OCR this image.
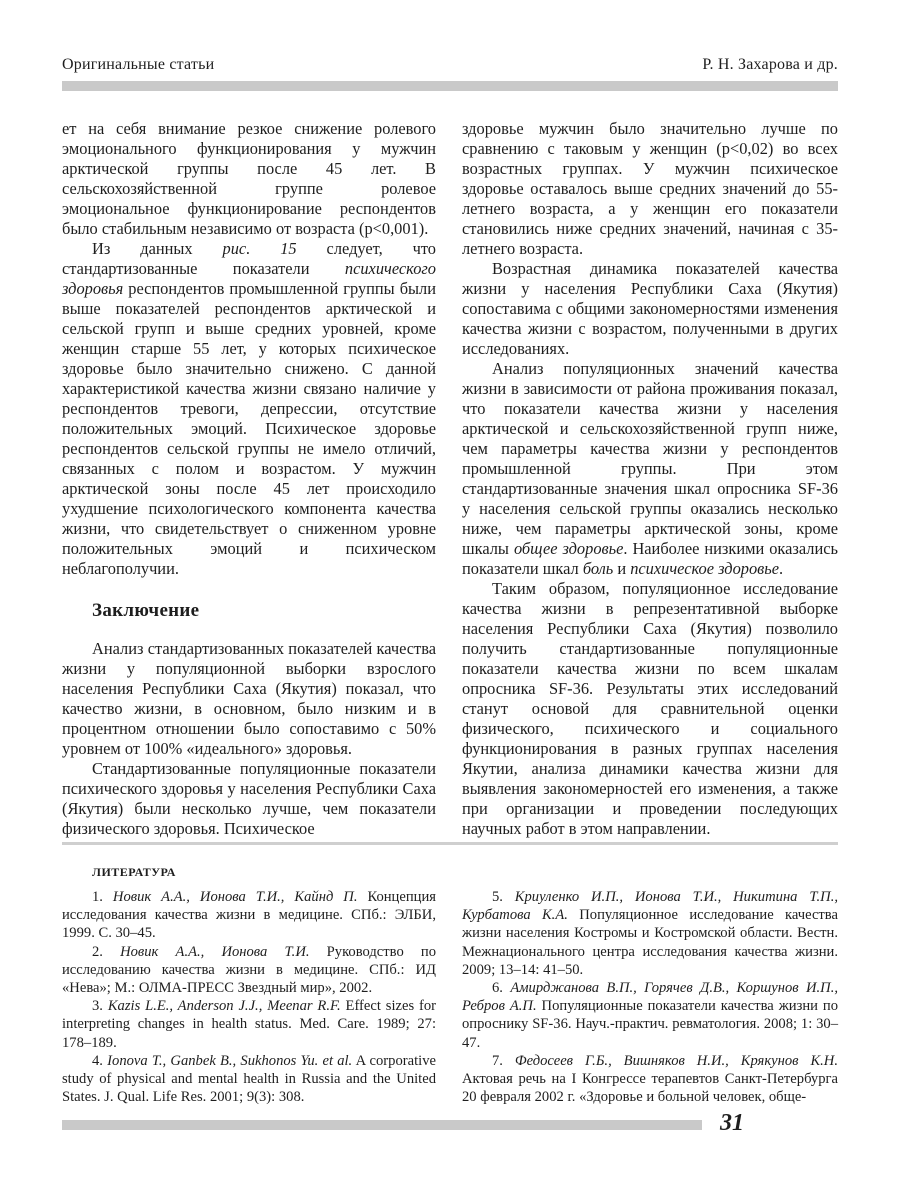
Оригинальные статьи	Р. Н. Захарова и др.

ет на себя внимание резкое снижение ролевого эмоционального функционирования у мужчин арктической группы после 45 лет. В сельскохозяйственной группе ролевое эмоциональное функционирование респондентов было стабильным независимо от возраста (p<0,001).

Из данных рис. 15 следует, что стандартизованные показатели психического здоровья респондентов промышленной группы были выше показателей респондентов арктической и сельской групп и выше средних уровней, кроме женщин старше 55 лет, у которых психическое здоровье было значительно снижено. С данной характеристикой качества жизни связано наличие у респондентов тревоги, депрессии, отсутствие положительных эмоций. Психическое здоровье респондентов сельской группы не имело отличий, связанных с полом и возрастом. У мужчин арктической зоны после 45 лет происходило ухудшение психологического компонента качества жизни, что свидетельствует о сниженном уровне положительных эмоций и психическом неблагополучии.

Заключение

Анализ стандартизованных показателей качества жизни у популяционной выборки взрослого населения Республики Саха (Якутия) показал, что качество жизни, в основном, было низким и в процентном отношении было сопоставимо с 50% уровнем от 100% «идеального» здоровья.

Стандартизованные популяционные показатели психического здоровья у населения Республики Саха (Якутия) были несколько лучше, чем показатели физического здоровья. Психическое

здоровье мужчин было значительно лучше по сравнению с таковым у женщин (p<0,02) во всех возрастных группах. У мужчин психическое здоровье оставалось выше средних значений до 55-летнего возраста, а у женщин его показатели становились ниже средних значений, начиная с 35-летнего возраста.

Возрастная динамика показателей качества жизни у населения Республики Саха (Якутия) сопоставима с общими закономерностями изменения качества жизни с возрастом, полученными в других исследованиях.

Анализ популяционных значений качества жизни в зависимости от района проживания показал, что показатели качества жизни у населения арктической и сельскохозяйственной групп ниже, чем параметры качества жизни у респондентов промышленной группы. При этом стандартизованные значения шкал опросника SF-36 у населения сельской группы оказались несколько ниже, чем параметры арктической зоны, кроме шкалы общее здоровье. Наиболее низкими оказались показатели шкал боль и психическое здоровье.

Таким образом, популяционное исследование качества жизни в репрезентативной выборке населения Республики Саха (Якутия) позволило получить стандартизованные популяционные показатели качества жизни по всем шкалам опросника SF-36. Результаты этих исследований станут основой для сравнительной оценки физического, психического и социального функционирования в разных группах населения Якутии, анализа динамики качества жизни для выявления закономерностей его изменения, а также при организации и проведении последующих научных работ в этом направлении.

ЛИТЕРАТУРА

1. Новик А.А., Ионова Т.И., Кайнд П. Концепция исследования качества жизни в медицине. СПб.: ЭЛБИ, 1999. С. 30–45.

2. Новик А.А., Ионова Т.И. Руководство по исследованию качества жизни в медицине. СПб.: ИД «Нева»; М.: ОЛМА-ПРЕСС Звездный мир», 2002.

3. Kazis L.E., Anderson J.J., Meenar R.F. Effect sizes for interpreting changes in health status. Med. Care. 1989; 27: 178–189.

4. Ionova T., Ganbek B., Sukhonos Yu. et al. A corporative study of physical and mental health in Russia and the United States. J. Qual. Life Res. 2001; 9(3): 308.

5. Криуленко И.П., Ионова Т.И., Никитина Т.П., Курбатова К.А. Популяционное исследование качества жизни населения Костромы и Костромской области. Вестн. Межнационального центра исследования качества жизни. 2009; 13–14: 41–50.

6. Амирджанова В.П., Горячев Д.В., Коршунов И.П., Ребров А.П. Популяционные показатели качества жизни по опроснику SF-36. Науч.-практич. ревматология. 2008; 1: 30–47.

7. Федосеев Г.Б., Вишняков Н.И., Крякунов К.Н. Актовая речь на I Конгрессе терапевтов Санкт-Петербурга 20 февраля 2002 г. «Здоровье и больной человек, обще-

31
